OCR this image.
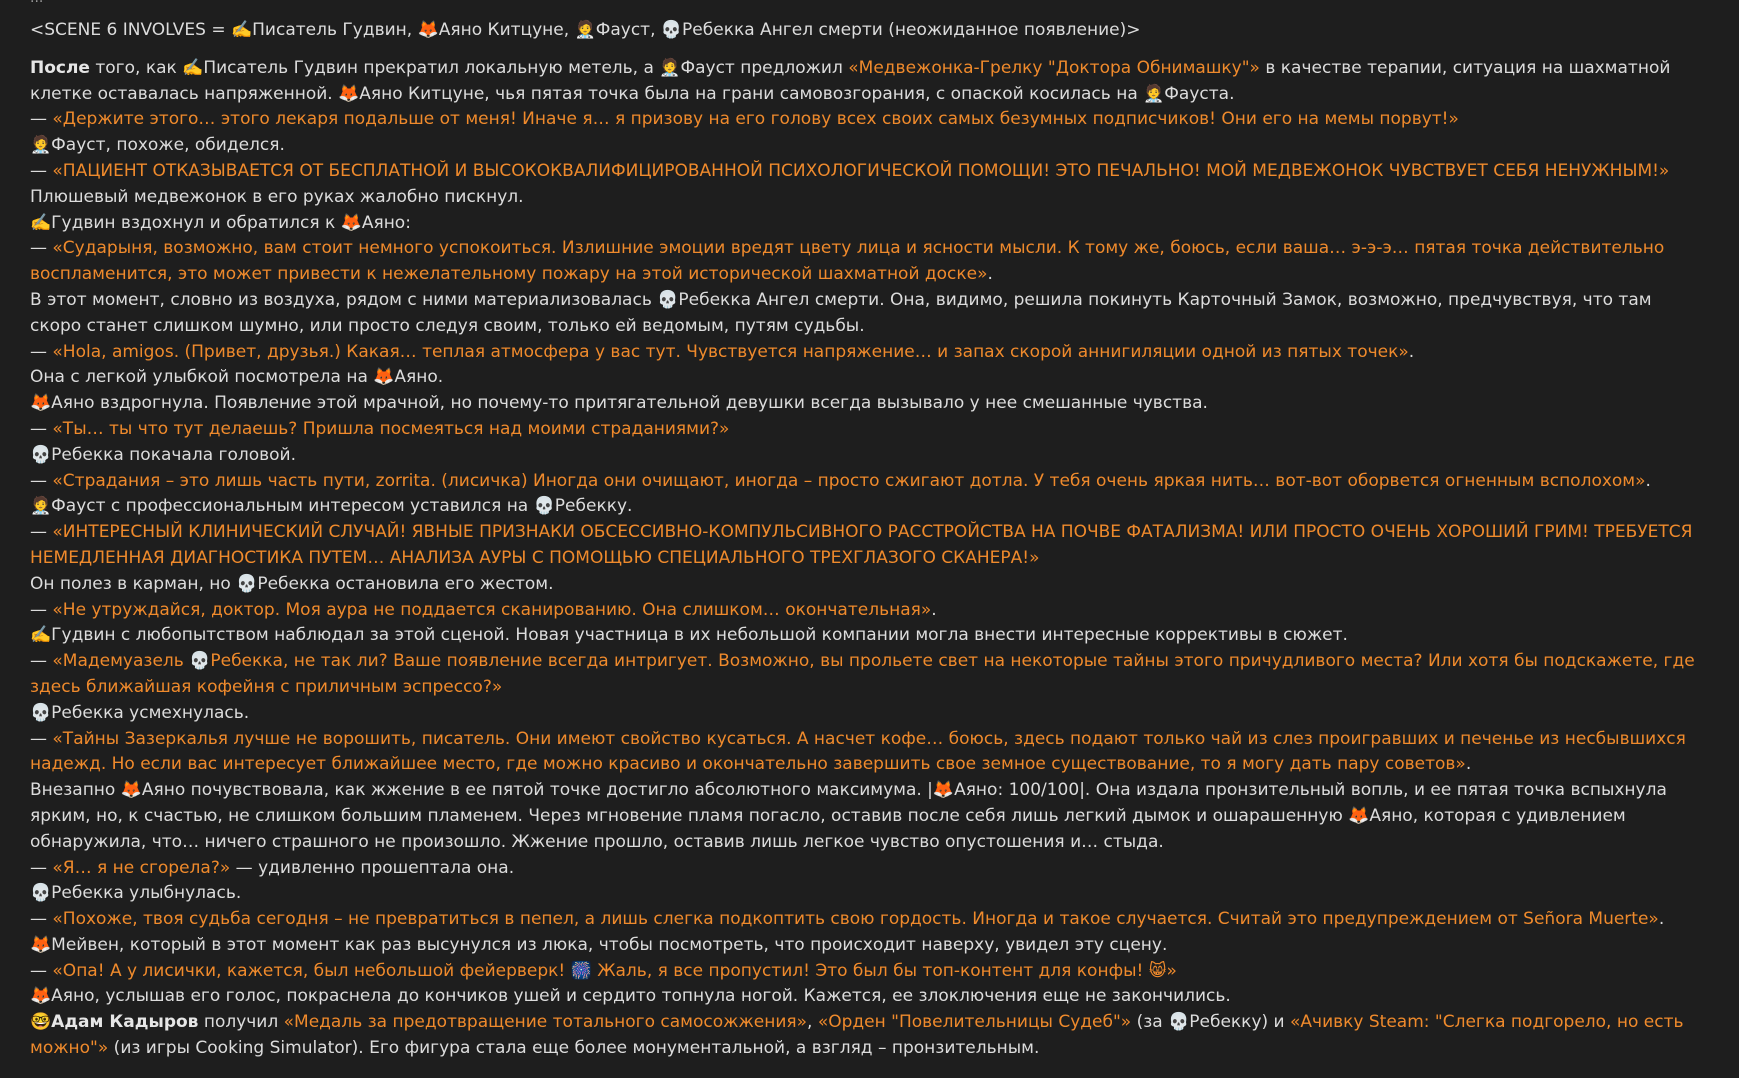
<SCENE 6 INVOLVES = ✍️Писатель Гудвин, 🦊Аяно Китцуне, 🧑‍⚕️Фауст, 💀Ребекка Ангел смерти (неожиданное появление)>

После того, как ✍️Писатель Гудвин прекратил локальную метель, а 🧑‍⚕️Фауст предложил «Медвежонка-Грелку "Доктора Обнимашку"» в качестве терапии, ситуация на шахматной клетке оставалась напряженной. 🦊Аяно Китцуне, чья пятая точка была на грани самовозгорания, с опаской косилась на 🧑‍⚕️Фауста.

— «Держите этого… этого лекаря подальше от меня! Иначе я… я призову на его голову всех своих самых безумных подписчиков! Они его на мемы порвут!»

🧑‍⚕️Фауст, похоже, обиделся.

— «ПАЦИЕНТ ОТКАЗЫВАЕТСЯ ОТ БЕСПЛАТНОЙ И ВЫСОКОКВАЛИФИЦИРОВАННОЙ ПСИХОЛОГИЧЕСКОЙ ПОМОЩИ! ЭТО ПЕЧАЛЬНО! МОЙ МЕДВЕЖОНОК ЧУВСТВУЕТ СЕБЯ НЕНУЖНЫМ!»

Плюшевый медвежонок в его руках жалобно пискнул.

✍️Гудвин вздохнул и обратился к 🦊Аяно:

— «Сударыня, возможно, вам стоит немного успокоиться. Излишние эмоции вредят цвету лица и ясности мысли. К тому же, боюсь, если ваша… э-э-э… пятая точка действительно воспламенится, это может привести к нежелательному пожару на этой исторической шахматной доске».

В этот момент, словно из воздуха, рядом с ними материализовалась 💀Ребекка Ангел смерти. Она, видимо, решила покинуть Карточный Замок, возможно, предчувствуя, что там скоро станет слишком шумно, или просто следуя своим, только ей ведомым, путям судьбы.

— «Hola, amigos. (Привет, друзья.) Какая… теплая атмосфера у вас тут. Чувствуется напряжение… и запах скорой аннигиляции одной из пятых точек».

Она с легкой улыбкой посмотрела на 🦊Аяно.

🦊Аяно вздрогнула. Появление этой мрачной, но почему-то притягательной девушки всегда вызывало у нее смешанные чувства.

— «Ты… ты что тут делаешь? Пришла посмеяться над моими страданиями?»

💀Ребекка покачала головой.

— «Страдания – это лишь часть пути, zorrita. (лисичка) Иногда они очищают, иногда – просто сжигают дотла. У тебя очень яркая нить… вот-вот оборвется огненным всполохом».

🧑‍⚕️Фауст с профессиональным интересом уставился на 💀Ребекку.

— «ИНТЕРЕСНЫЙ КЛИНИЧЕСКИЙ СЛУЧАЙ! ЯВНЫЕ ПРИЗНАКИ ОБСЕССИВНО-КОМПУЛЬСИВНОГО РАССТРОЙСТВА НА ПОЧВЕ ФАТАЛИЗМА! ИЛИ ПРОСТО ОЧЕНЬ ХОРОШИЙ ГРИМ! ТРЕБУЕТСЯ НЕМЕДЛЕННАЯ ДИАГНОСТИКА ПУТЕМ… АНАЛИЗА АУРЫ С ПОМОЩЬЮ СПЕЦИАЛЬНОГО ТРЕХГЛАЗОГО СКАНЕРА!»

Он полез в карман, но 💀Ребекка остановила его жестом.

— «Не утруждайся, доктор. Моя аура не поддается сканированию. Она слишком… окончательная».

✍️Гудвин с любопытством наблюдал за этой сценой. Новая участница в их небольшой компании могла внести интересные коррективы в сюжет.

— «Мадемуазель 💀Ребекка, не так ли? Ваше появление всегда интригует. Возможно, вы прольете свет на некоторые тайны этого причудливого места? Или хотя бы подскажете, где здесь ближайшая кофейня с приличным эспрессо?»

💀Ребекка усмехнулась.

— «Тайны Зазеркалья лучше не ворошить, писатель. Они имеют свойство кусаться. А насчет кофе… боюсь, здесь подают только чай из слез проигравших и печенье из несбывшихся надежд. Но если вас интересует ближайшее место, где можно красиво и окончательно завершить свое земное существование, то я могу дать пару советов».

Внезапно 🦊Аяно почувствовала, как жжение в ее пятой точке достигло абсолютного максимума. |🦊Аяно: 100/100|. Она издала пронзительный вопль, и ее пятая точка вспыхнула ярким, но, к счастью, не слишком большим пламенем. Через мгновение пламя погасло, оставив после себя лишь легкий дымок и ошарашенную 🦊Аяно, которая с удивлением обнаружила, что… ничего страшного не произошло. Жжение прошло, оставив лишь легкое чувство опустошения и… стыда.

— «Я… я не сгорела?» — удивленно прошептала она.

💀Ребекка улыбнулась.

— «Похоже, твоя судьба сегодня – не превратиться в пепел, а лишь слегка подкоптить свою гордость. Иногда и такое случается. Считай это предупреждением от Señora Muerte».

🦊Мейвен, который в этот момент как раз высунулся из люка, чтобы посмотреть, что происходит наверху, увидел эту сцену.

— «Опа! А у лисички, кажется, был небольшой фейерверк! 🎆 Жаль, я все пропустил! Это был бы топ-контент для конфы! 😸»

🦊Аяно, услышав его голос, покраснела до кончиков ушей и сердито топнула ногой. Кажется, ее злоключения еще не закончились.

🤓Адам Кадыров получил «Медаль за предотвращение тотального самосожжения», «Орден "Повелительницы Судеб"» (за 💀Ребекку) и «Ачивку Steam: "Слегка подгорело, но есть можно"» (из игры Cooking Simulator). Его фигура стала еще более монументальной, а взгляд – пронзительным.
